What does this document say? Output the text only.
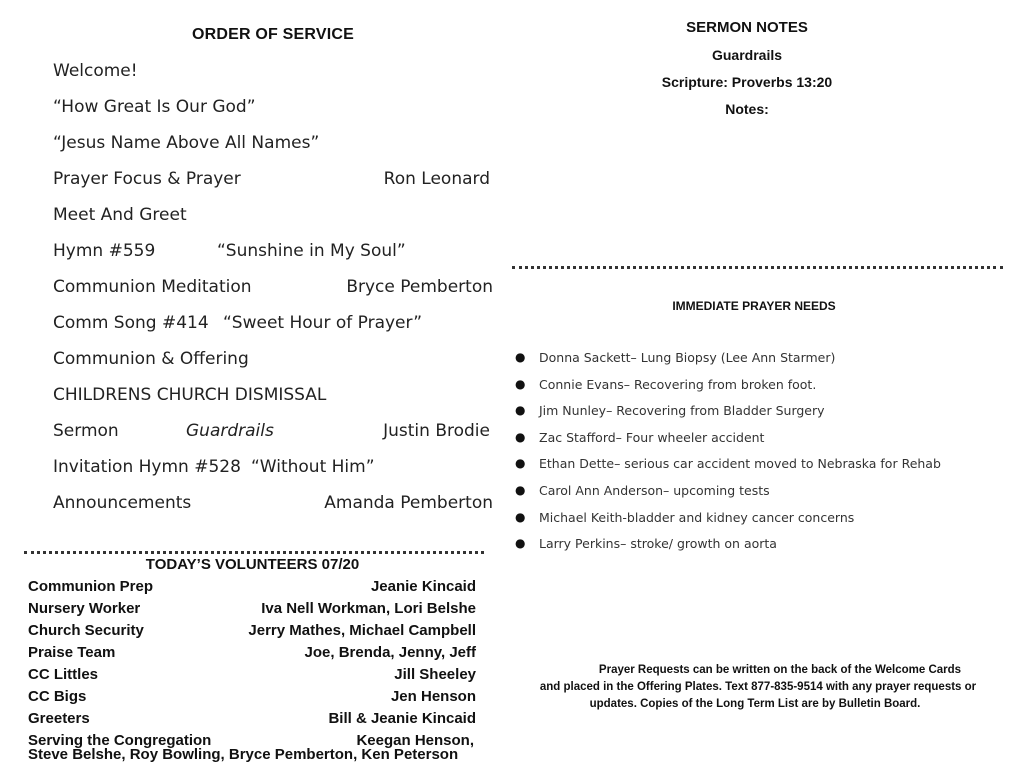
ORDER OF SERVICE
Welcome!
“How Great Is Our God”
“Jesus Name Above All Names”
Prayer Focus & Prayer	Ron Leonard
Meet And Greet
Hymn #559	“Sunshine in My Soul”
Communion Meditation	Bryce Pemberton
Comm Song #414 “Sweet Hour of Prayer”
Communion & Offering
CHILDRENS CHURCH DISMISSAL
Sermon	Guardrails	Justin Brodie
Invitation Hymn #528 “Without Him”
Announcements	Amanda Pemberton
TODAY’S VOLUNTEERS 07/20
Communion Prep	Jeanie Kincaid
Nursery Worker	Iva Nell Workman, Lori Belshe
Church Security	Jerry Mathes, Michael Campbell
Praise Team	Joe, Brenda, Jenny, Jeff
CC Littles	Jill Sheeley
CC Bigs	Jen Henson
Greeters	Bill & Jeanie Kincaid
Serving the Congregation	Keegan Henson,
Steve Belshe, Roy Bowling, Bryce Pemberton, Ken Peterson
SERMON NOTES
Guardrails
Scripture: Proverbs 13:20
Notes:
IMMEDIATE PRAYER NEEDS
● Donna Sackett– Lung Biopsy (Lee Ann Starmer)
● Connie Evans– Recovering from broken foot.
● Jim Nunley– Recovering from Bladder Surgery
● Zac Stafford– Four wheeler accident
● Ethan Dette– serious car accident moved to Nebraska for Rehab
● Carol Ann Anderson– upcoming tests
● Michael Keith-bladder and kidney cancer concerns
● Larry Perkins– stroke/ growth on aorta
Prayer Requests can be written on the back of the Welcome Cards
and placed in the Offering Plates. Text 877-835-9514 with any prayer requests or
updates. Copies of the Long Term List are by Bulletin Board.
